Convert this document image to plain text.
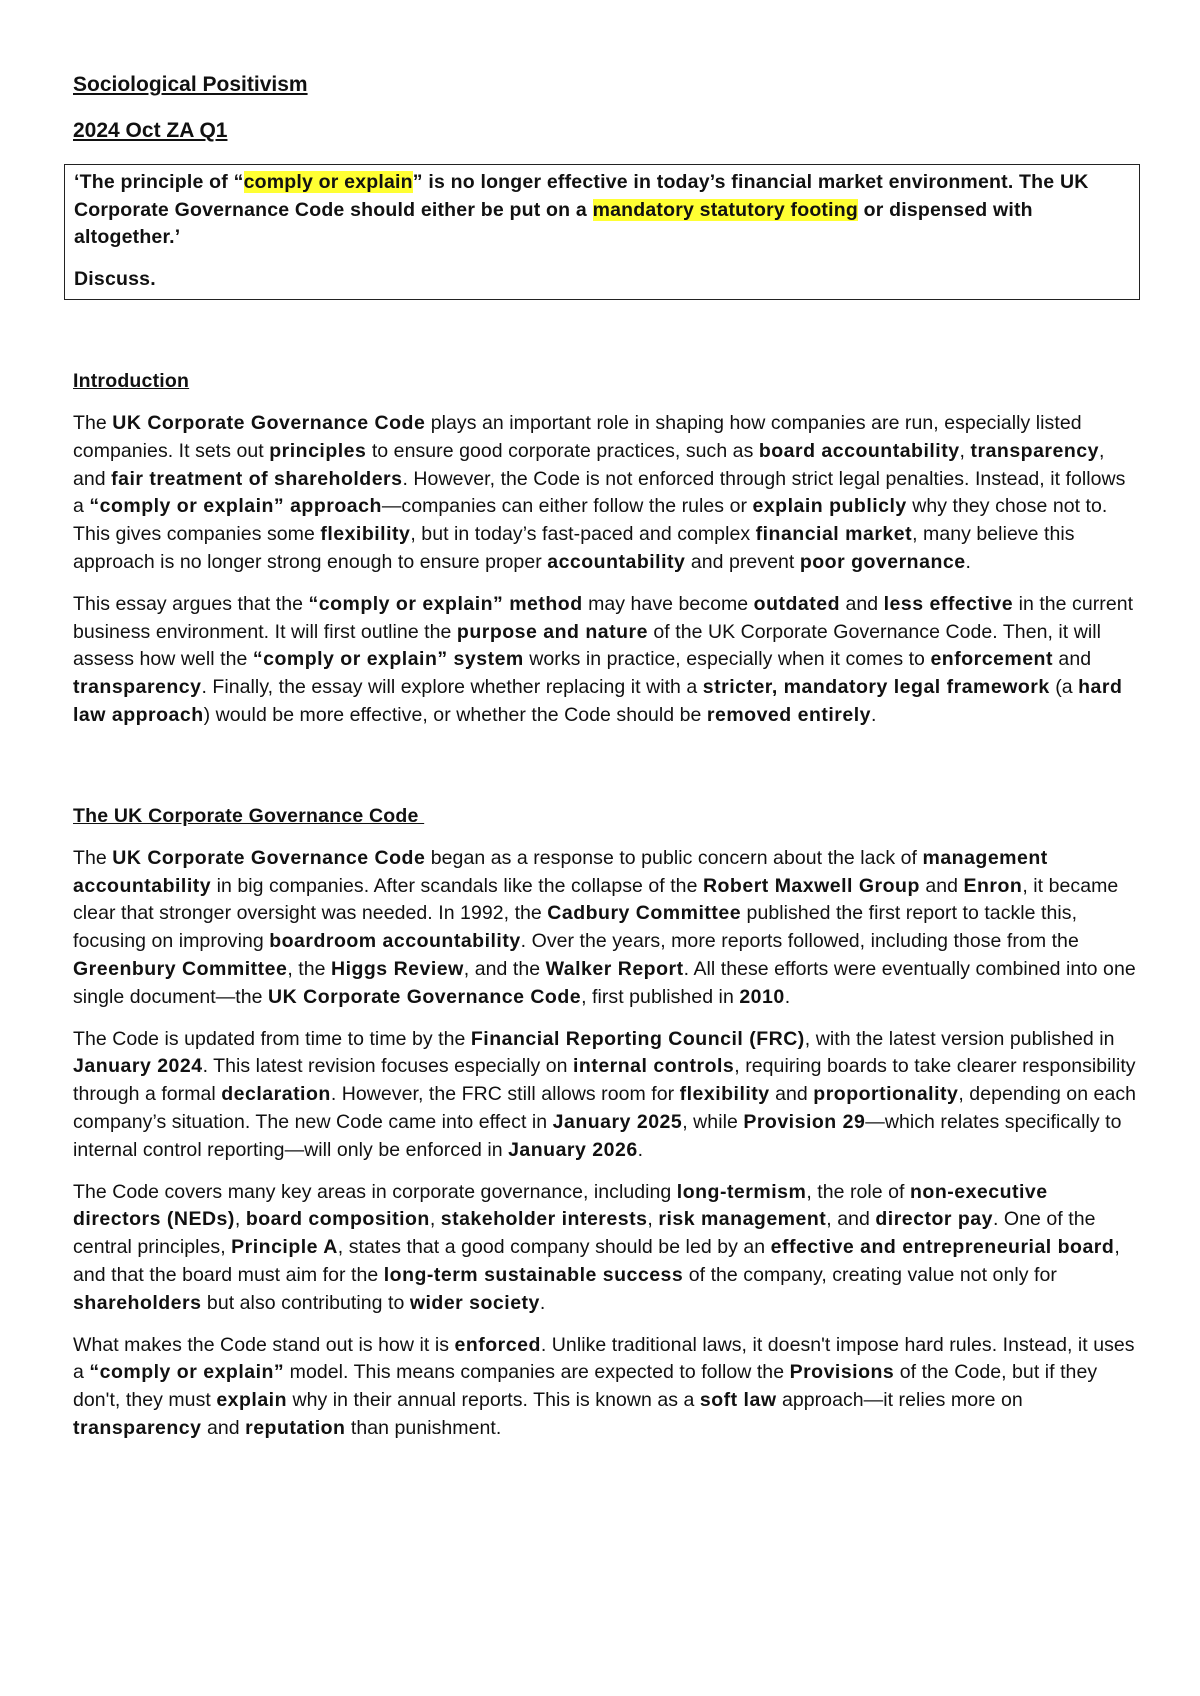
Sociological Positivism
2024 Oct ZA Q1

‘The principle of “comply or explain” is no longer effective in today’s financial market environment. The UK Corporate Governance Code should either be put on a mandatory statutory footing or dispensed with altogether.’

Discuss.

Introduction

The UK Corporate Governance Code plays an important role in shaping how companies are run, especially listed companies. It sets out principles to ensure good corporate practices, such as board accountability, transparency, and fair treatment of shareholders. However, the Code is not enforced through strict legal penalties. Instead, it follows a “comply or explain” approach—companies can either follow the rules or explain publicly why they chose not to. This gives companies some flexibility, but in today’s fast-paced and complex financial market, many believe this approach is no longer strong enough to ensure proper accountability and prevent poor governance.

This essay argues that the “comply or explain” method may have become outdated and less effective in the current business environment. It will first outline the purpose and nature of the UK Corporate Governance Code. Then, it will assess how well the “comply or explain” system works in practice, especially when it comes to enforcement and transparency. Finally, the essay will explore whether replacing it with a stricter, mandatory legal framework (a hard law approach) would be more effective, or whether the Code should be removed entirely.

The UK Corporate Governance Code

The UK Corporate Governance Code began as a response to public concern about the lack of management accountability in big companies. After scandals like the collapse of the Robert Maxwell Group and Enron, it became clear that stronger oversight was needed. In 1992, the Cadbury Committee published the first report to tackle this, focusing on improving boardroom accountability. Over the years, more reports followed, including those from the Greenbury Committee, the Higgs Review, and the Walker Report. All these efforts were eventually combined into one single document—the UK Corporate Governance Code, first published in 2010.

The Code is updated from time to time by the Financial Reporting Council (FRC), with the latest version published in January 2024. This latest revision focuses especially on internal controls, requiring boards to take clearer responsibility through a formal declaration. However, the FRC still allows room for flexibility and proportionality, depending on each company’s situation. The new Code came into effect in January 2025, while Provision 29—which relates specifically to internal control reporting—will only be enforced in January 2026.

The Code covers many key areas in corporate governance, including long-termism, the role of non-executive directors (NEDs), board composition, stakeholder interests, risk management, and director pay. One of the central principles, Principle A, states that a good company should be led by an effective and entrepreneurial board, and that the board must aim for the long-term sustainable success of the company, creating value not only for shareholders but also contributing to wider society.

What makes the Code stand out is how it is enforced. Unlike traditional laws, it doesn't impose hard rules. Instead, it uses a “comply or explain” model. This means companies are expected to follow the Provisions of the Code, but if they don't, they must explain why in their annual reports. This is known as a soft law approach—it relies more on transparency and reputation than punishment.
